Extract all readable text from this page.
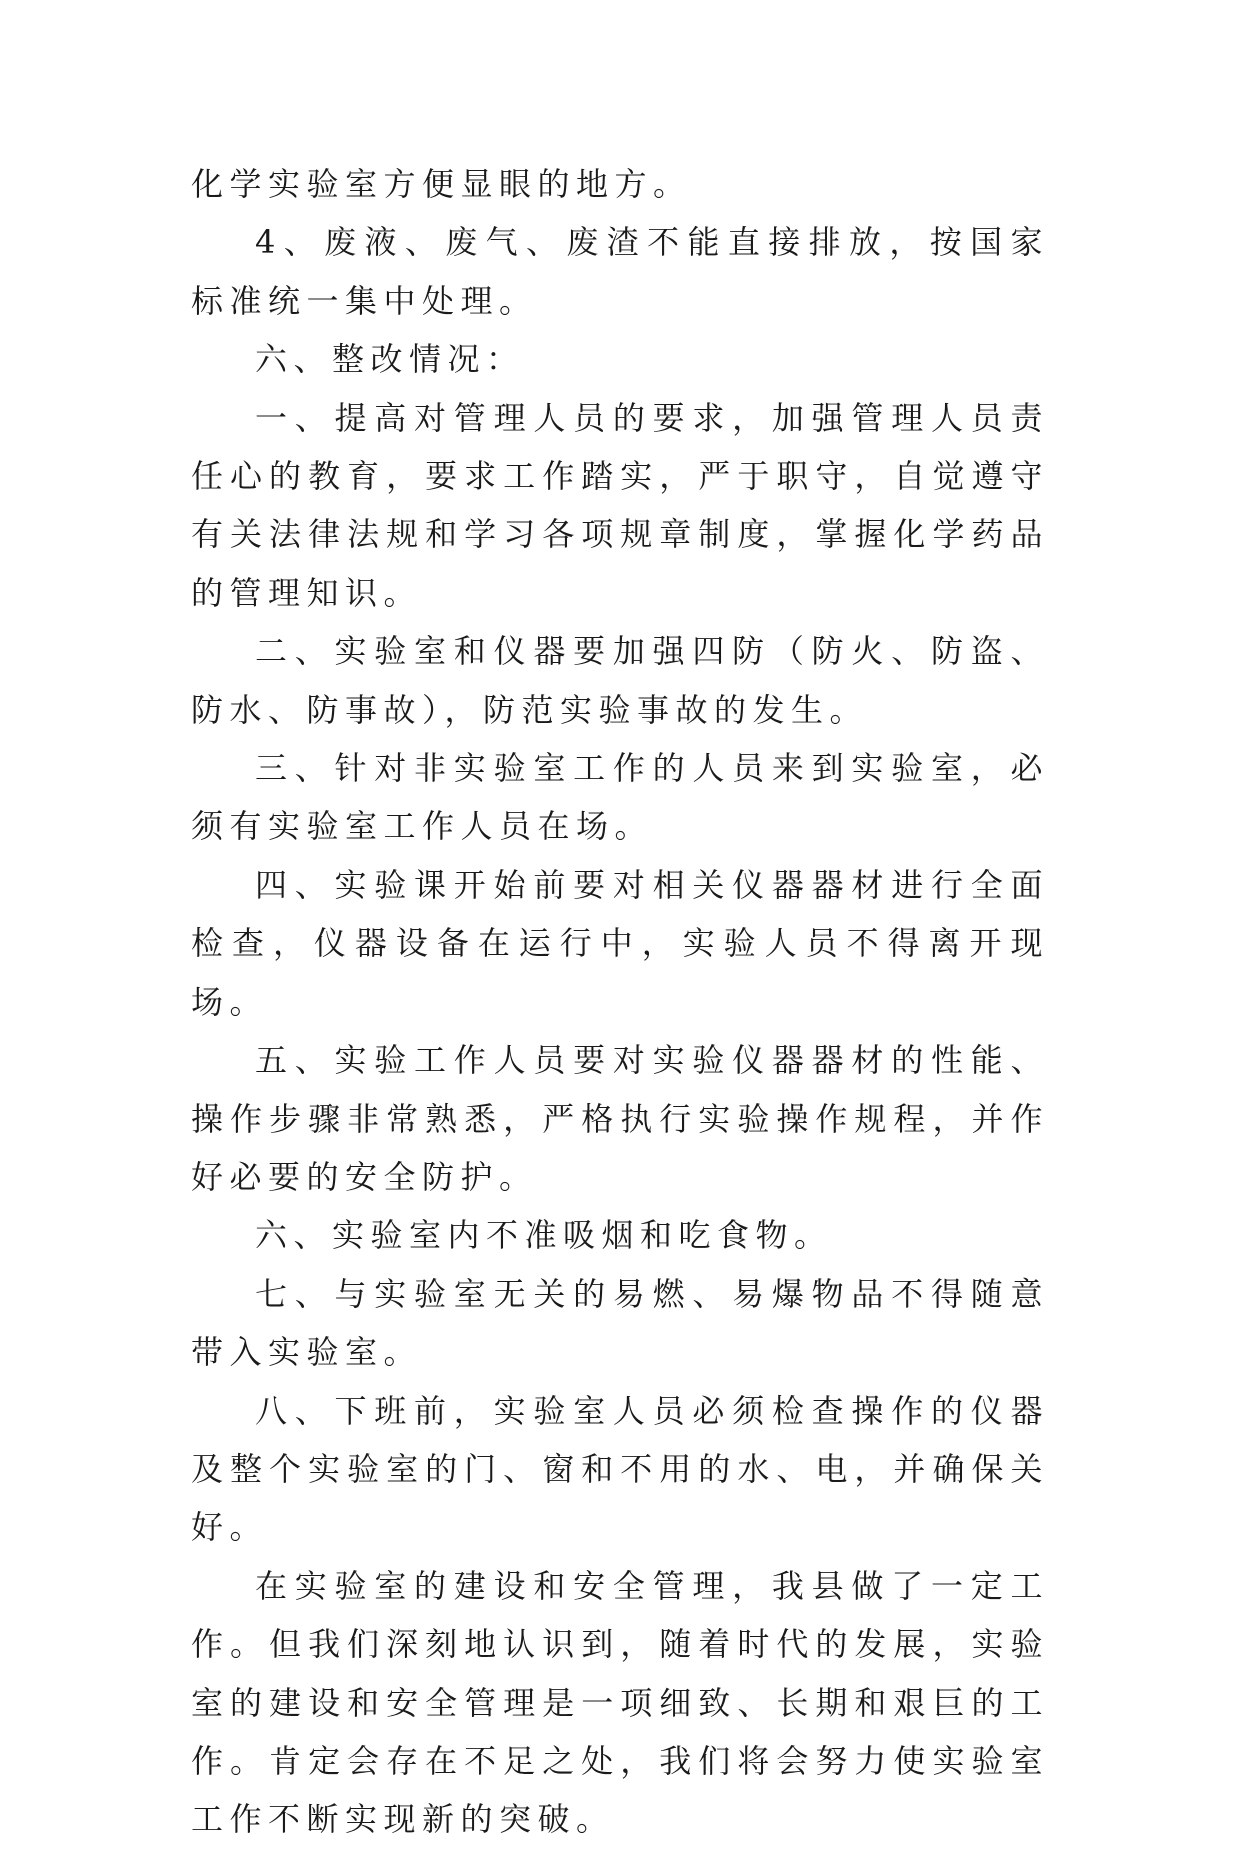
化学实验室方便显眼的地方。

4、废液、废气、废渣不能直接排放，按国家标准统一集中处理。

六、整改情况：

一、提高对管理人员的要求，加强管理人员责任心的教育，要求工作踏实，严于职守，自觉遵守有关法律法规和学习各项规章制度，掌握化学药品的管理知识。

二、实验室和仪器要加强四防（防火、防盗、防水、防事故），防范实验事故的发生。

三、针对非实验室工作的人员来到实验室，必须有实验室工作人员在场。

四、实验课开始前要对相关仪器器材进行全面检查，仪器设备在运行中，实验人员不得离开现场。

五、实验工作人员要对实验仪器器材的性能、操作步骤非常熟悉，严格执行实验操作规程，并作好必要的安全防护。

六、实验室内不准吸烟和吃食物。

七、与实验室无关的易燃、易爆物品不得随意带入实验室。

八、下班前，实验室人员必须检查操作的仪器及整个实验室的门、窗和不用的水、电，并确保关好。

在实验室的建设和安全管理，我县做了一定工作。但我们深刻地认识到，随着时代的发展，实验室的建设和安全管理是一项细致、长期和艰巨的工作。肯定会存在不足之处，我们将会努力使实验室工作不断实现新的突破。
